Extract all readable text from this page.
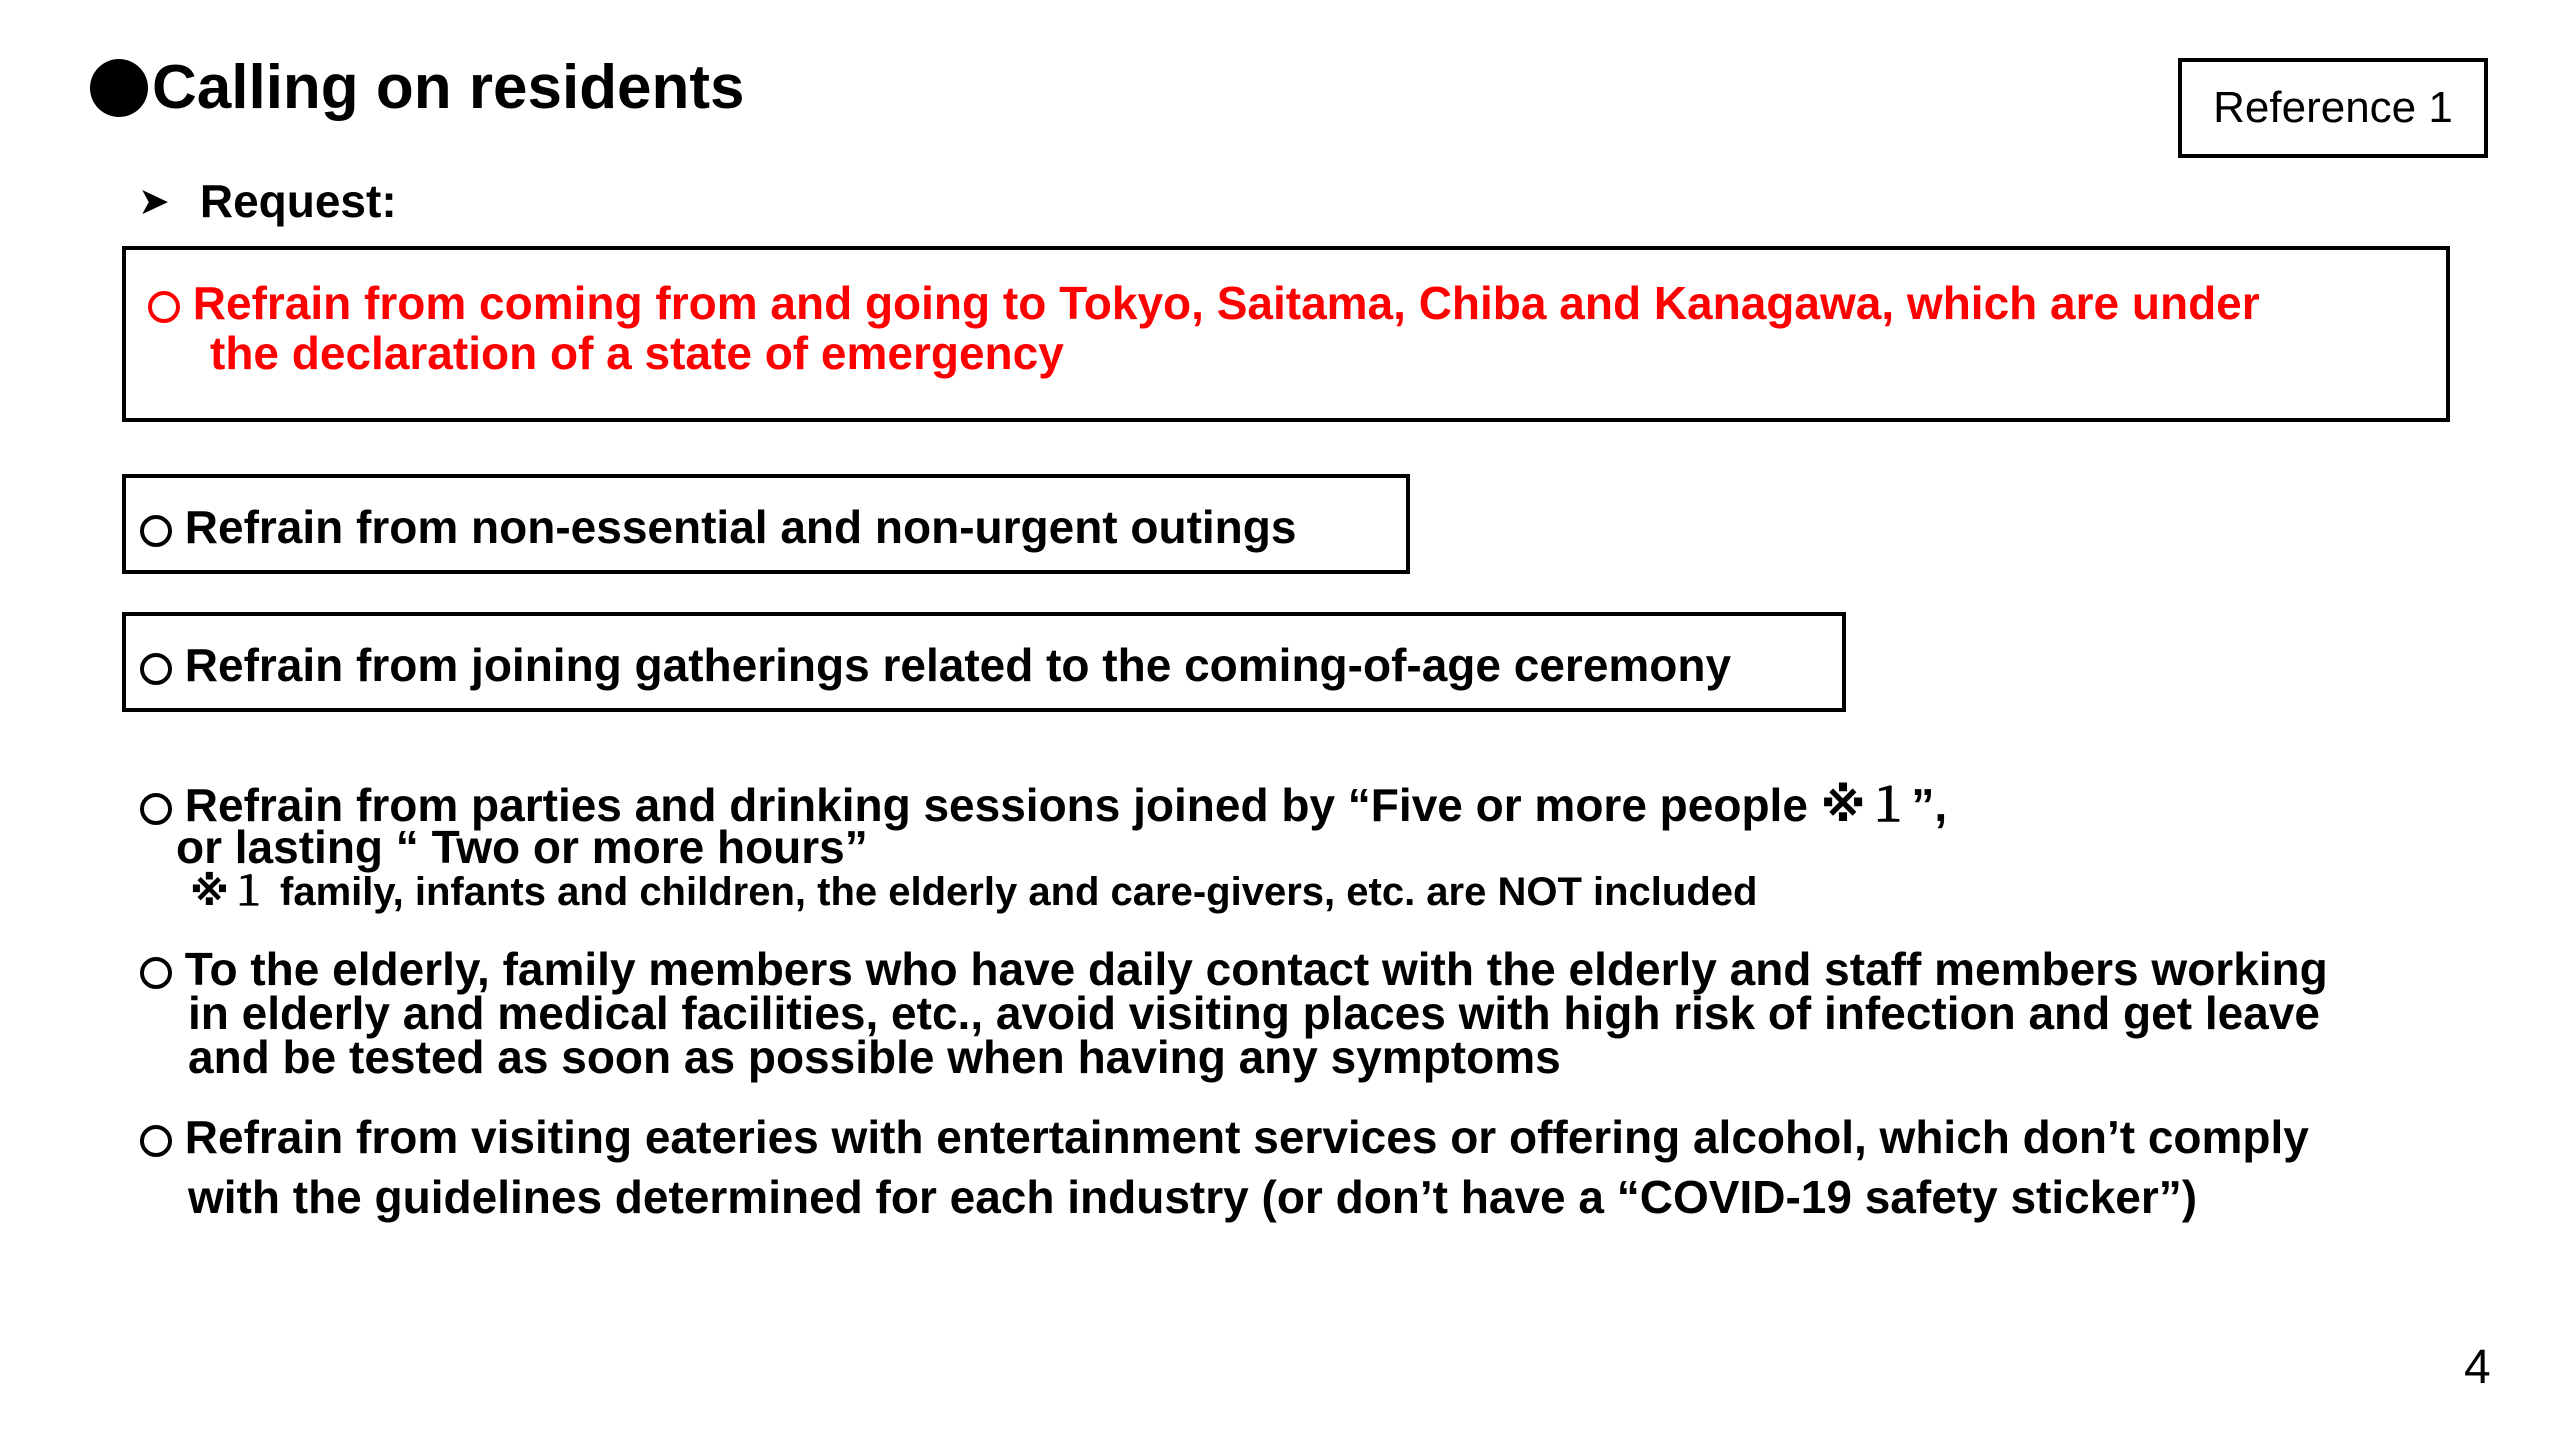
Calling on residents	Reference 1
➤ Request:
Refrain from coming from and going to Tokyo, Saitama, Chiba and Kanagawa, which are under
the declaration of a state of emergency
Refrain from non-essential and non-urgent outings
Refrain from joining gatherings related to the coming-of-age ceremony
Refrain from parties and drinking sessions joined by “Five or more people ※１”,
or lasting “ Two or more hours”
※１ family, infants and children, the elderly and care-givers, etc. are NOT included
To the elderly, family members who have daily contact with the elderly and staff members working
in elderly and medical facilities, etc., avoid visiting places with high risk of infection and get leave
and be tested as soon as possible when having any symptoms
Refrain from visiting eateries with entertainment services or offering alcohol, which don’t comply
with the guidelines determined for each industry (or don’t have a “COVID-19 safety sticker”)
4
